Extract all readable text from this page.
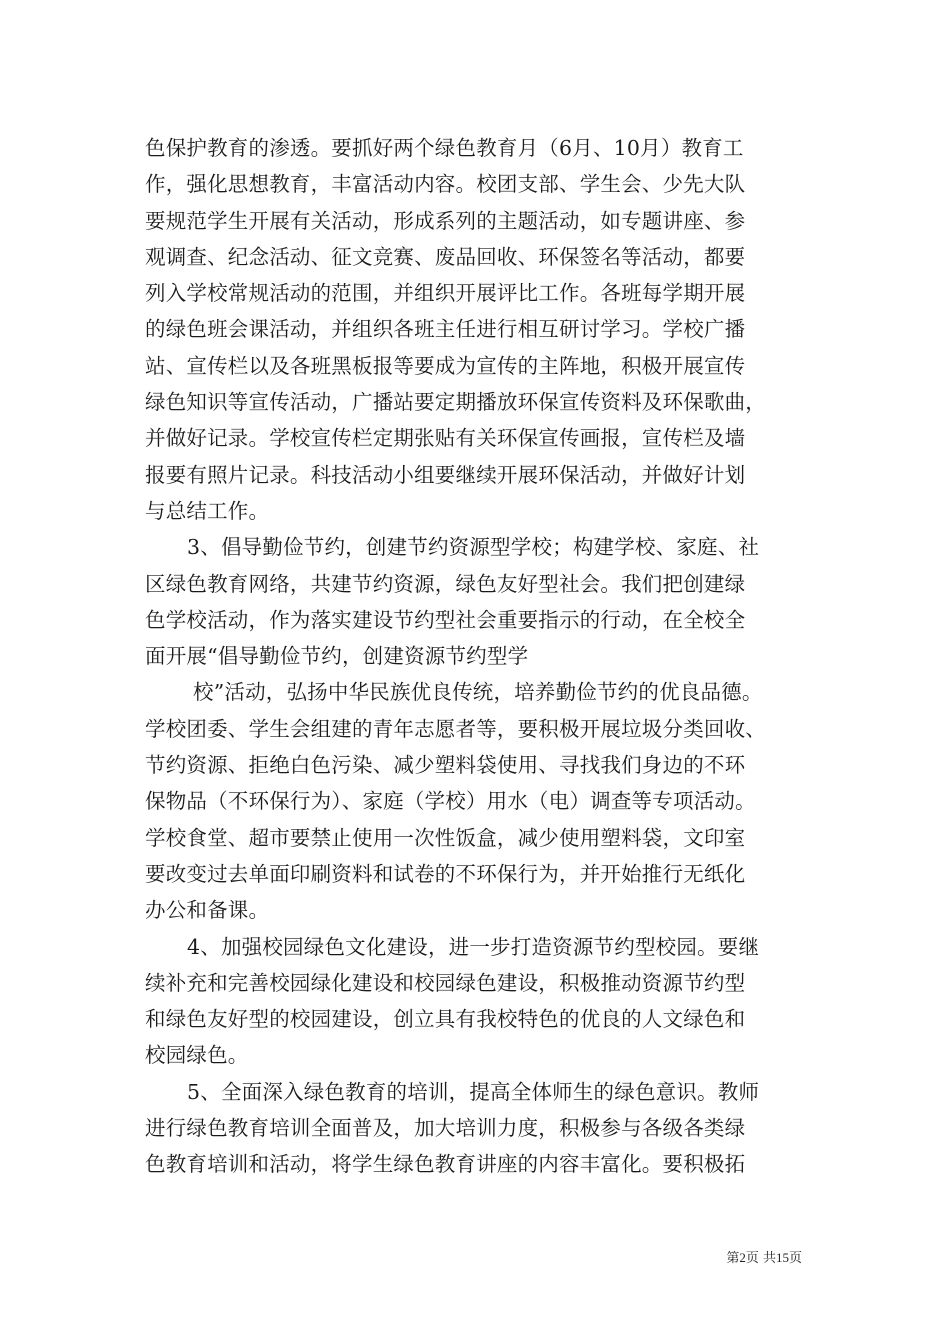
色保护教育的渗透。要抓好两个绿色教育月（6月、10月）教育工
作，强化思想教育，丰富活动内容。校团支部、学生会、少先大队
要规范学生开展有关活动，形成系列的主题活动，如专题讲座、参
观调查、纪念活动、征文竞赛、废品回收、环保签名等活动，都要
列入学校常规活动的范围，并组织开展评比工作。各班每学期开展
的绿色班会课活动，并组织各班主任进行相互研讨学习。学校广播
站、宣传栏以及各班黑板报等要成为宣传的主阵地，积极开展宣传
绿色知识等宣传活动，广播站要定期播放环保宣传资料及环保歌曲，
并做好记录。学校宣传栏定期张贴有关环保宣传画报，宣传栏及墙
报要有照片记录。科技活动小组要继续开展环保活动，并做好计划
与总结工作。
3、倡导勤俭节约，创建节约资源型学校；构建学校、家庭、社
区绿色教育网络，共建节约资源，绿色友好型社会。我们把创建绿
色学校活动，作为落实建设节约型社会重要指示的行动，在全校全
面开展“倡导勤俭节约，创建资源节约型学
校”活动，弘扬中华民族优良传统，培养勤俭节约的优良品德。
学校团委、学生会组建的青年志愿者等，要积极开展垃圾分类回收、
节约资源、拒绝白色污染、减少塑料袋使用、寻找我们身边的不环
保物品（不环保行为）、家庭（学校）用水（电）调查等专项活动。
学校食堂、超市要禁止使用一次性饭盒，减少使用塑料袋，文印室
要改变过去单面印刷资料和试卷的不环保行为，并开始推行无纸化
办公和备课。
4、加强校园绿色文化建设，进一步打造资源节约型校园。要继
续补充和完善校园绿化建设和校园绿色建设，积极推动资源节约型
和绿色友好型的校园建设，创立具有我校特色的优良的人文绿色和
校园绿色。
5、全面深入绿色教育的培训，提高全体师生的绿色意识。教师
进行绿色教育培训全面普及，加大培训力度，积极参与各级各类绿
色教育培训和活动，将学生绿色教育讲座的内容丰富化。要积极拓
第2页 共15页
